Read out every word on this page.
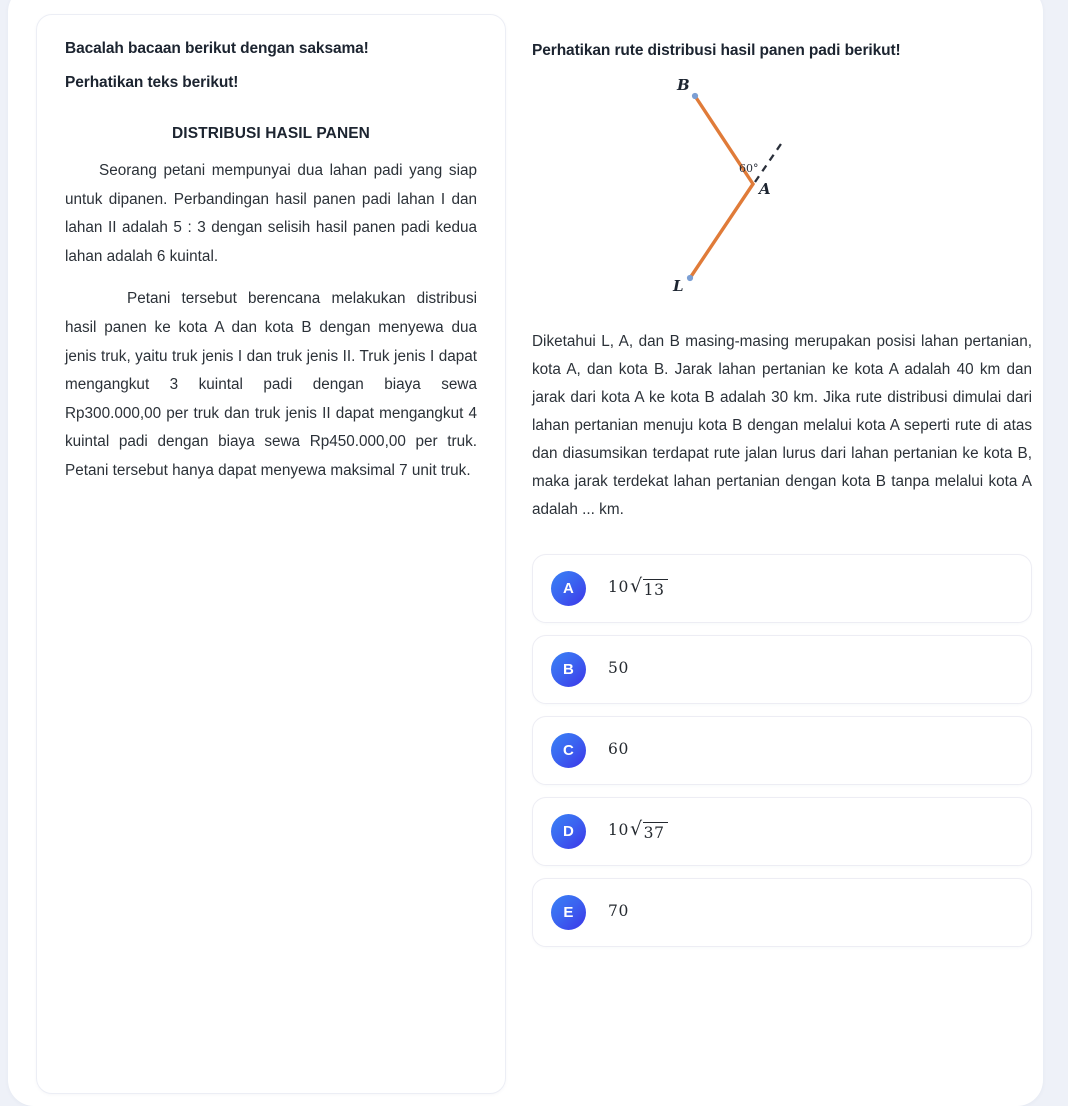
Bacalah bacaan berikut dengan saksama!

Perhatikan teks berikut!

DISTRIBUSI HASIL PANEN

Seorang petani mempunyai dua lahan padi yang siap untuk dipanen. Perbandingan hasil panen padi lahan I dan lahan II adalah 5 : 3 dengan selisih hasil panen padi kedua lahan adalah 6 kuintal.

Petani tersebut berencana melakukan distribusi hasil panen ke kota A dan kota B dengan menyewa dua jenis truk, yaitu truk jenis I dan truk jenis II. Truk jenis I dapat mengangkut 3 kuintal padi dengan biaya sewa Rp300.000,00 per truk dan truk jenis II dapat mengangkut 4 kuintal padi dengan biaya sewa Rp450.000,00 per truk. Petani tersebut hanya dapat menyewa maksimal 7 unit truk.

Perhatikan rute distribusi hasil panen padi berikut!
B
A
L
60°

Diketahui L, A, dan B masing-masing merupakan posisi lahan pertanian, kota A, dan kota B. Jarak lahan pertanian ke kota A adalah 40 km dan jarak dari kota A ke kota B adalah 30 km. Jika rute distribusi dimulai dari lahan pertanian menuju kota B dengan melalui kota A seperti rute di atas dan diasumsikan terdapat rute jalan lurus dari lahan pertanian ke kota B, maka jarak terdekat lahan pertanian dengan kota B tanpa melalui kota A adalah ... km.

A	10 √ 13
B	50
C	60
D	10 √ 37
E	70
